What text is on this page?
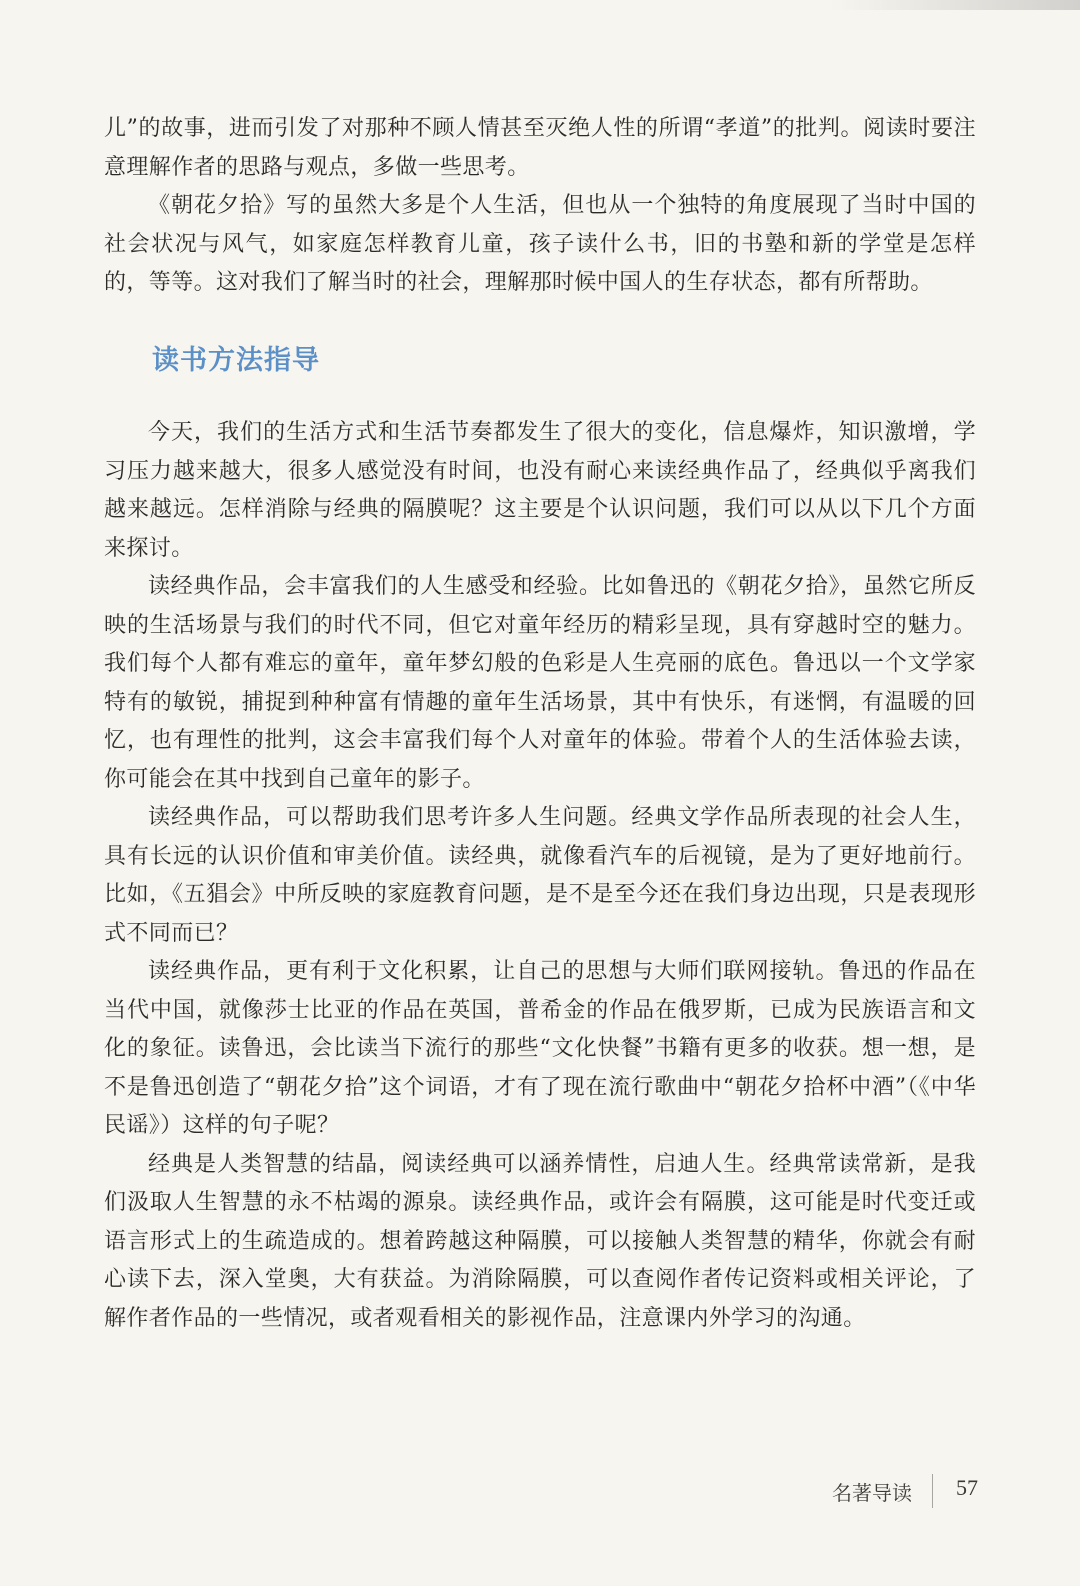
儿”的故事，进而引发了对那种不顾人情甚至灭绝人性的所谓“孝道”的批判。阅读时要注意理解作者的思路与观点，多做一些思考。

《朝花夕拾》写的虽然大多是个人生活，但也从一个独特的角度展现了当时中国的社会状况与风气，如家庭怎样教育儿童，孩子读什么书，旧的书塾和新的学堂是怎样的，等等。这对我们了解当时的社会，理解那时候中国人的生存状态，都有所帮助。

读书方法指导

今天，我们的生活方式和生活节奏都发生了很大的变化，信息爆炸，知识激增，学习压力越来越大，很多人感觉没有时间，也没有耐心来读经典作品了，经典似乎离我们越来越远。怎样消除与经典的隔膜呢？这主要是个认识问题，我们可以从以下几个方面来探讨。

读经典作品，会丰富我们的人生感受和经验。比如鲁迅的《朝花夕拾》，虽然它所反映的生活场景与我们的时代不同，但它对童年经历的精彩呈现，具有穿越时空的魅力。我们每个人都有难忘的童年，童年梦幻般的色彩是人生亮丽的底色。鲁迅以一个文学家特有的敏锐，捕捉到种种富有情趣的童年生活场景，其中有快乐，有迷惘，有温暖的回忆，也有理性的批判，这会丰富我们每个人对童年的体验。带着个人的生活体验去读，你可能会在其中找到自己童年的影子。

读经典作品，可以帮助我们思考许多人生问题。经典文学作品所表现的社会人生，具有长远的认识价值和审美价值。读经典，就像看汽车的后视镜，是为了更好地前行。比如，《五猖会》中所反映的家庭教育问题，是不是至今还在我们身边出现，只是表现形式不同而已？

读经典作品，更有利于文化积累，让自己的思想与大师们联网接轨。鲁迅的作品在当代中国，就像莎士比亚的作品在英国，普希金的作品在俄罗斯，已成为民族语言和文化的象征。读鲁迅，会比读当下流行的那些“文化快餐”书籍有更多的收获。想一想，是不是鲁迅创造了“朝花夕拾”这个词语，才有了现在流行歌曲中“朝花夕拾杯中酒”（《中华民谣》）这样的句子呢？

经典是人类智慧的结晶，阅读经典可以涵养情性，启迪人生。经典常读常新，是我们汲取人生智慧的永不枯竭的源泉。读经典作品，或许会有隔膜，这可能是时代变迁或语言形式上的生疏造成的。想着跨越这种隔膜，可以接触人类智慧的精华，你就会有耐心读下去，深入堂奥，大有获益。为消除隔膜，可以查阅作者传记资料或相关评论，了解作者作品的一些情况，或者观看相关的影视作品，注意课内外学习的沟通。

名著导读 57
